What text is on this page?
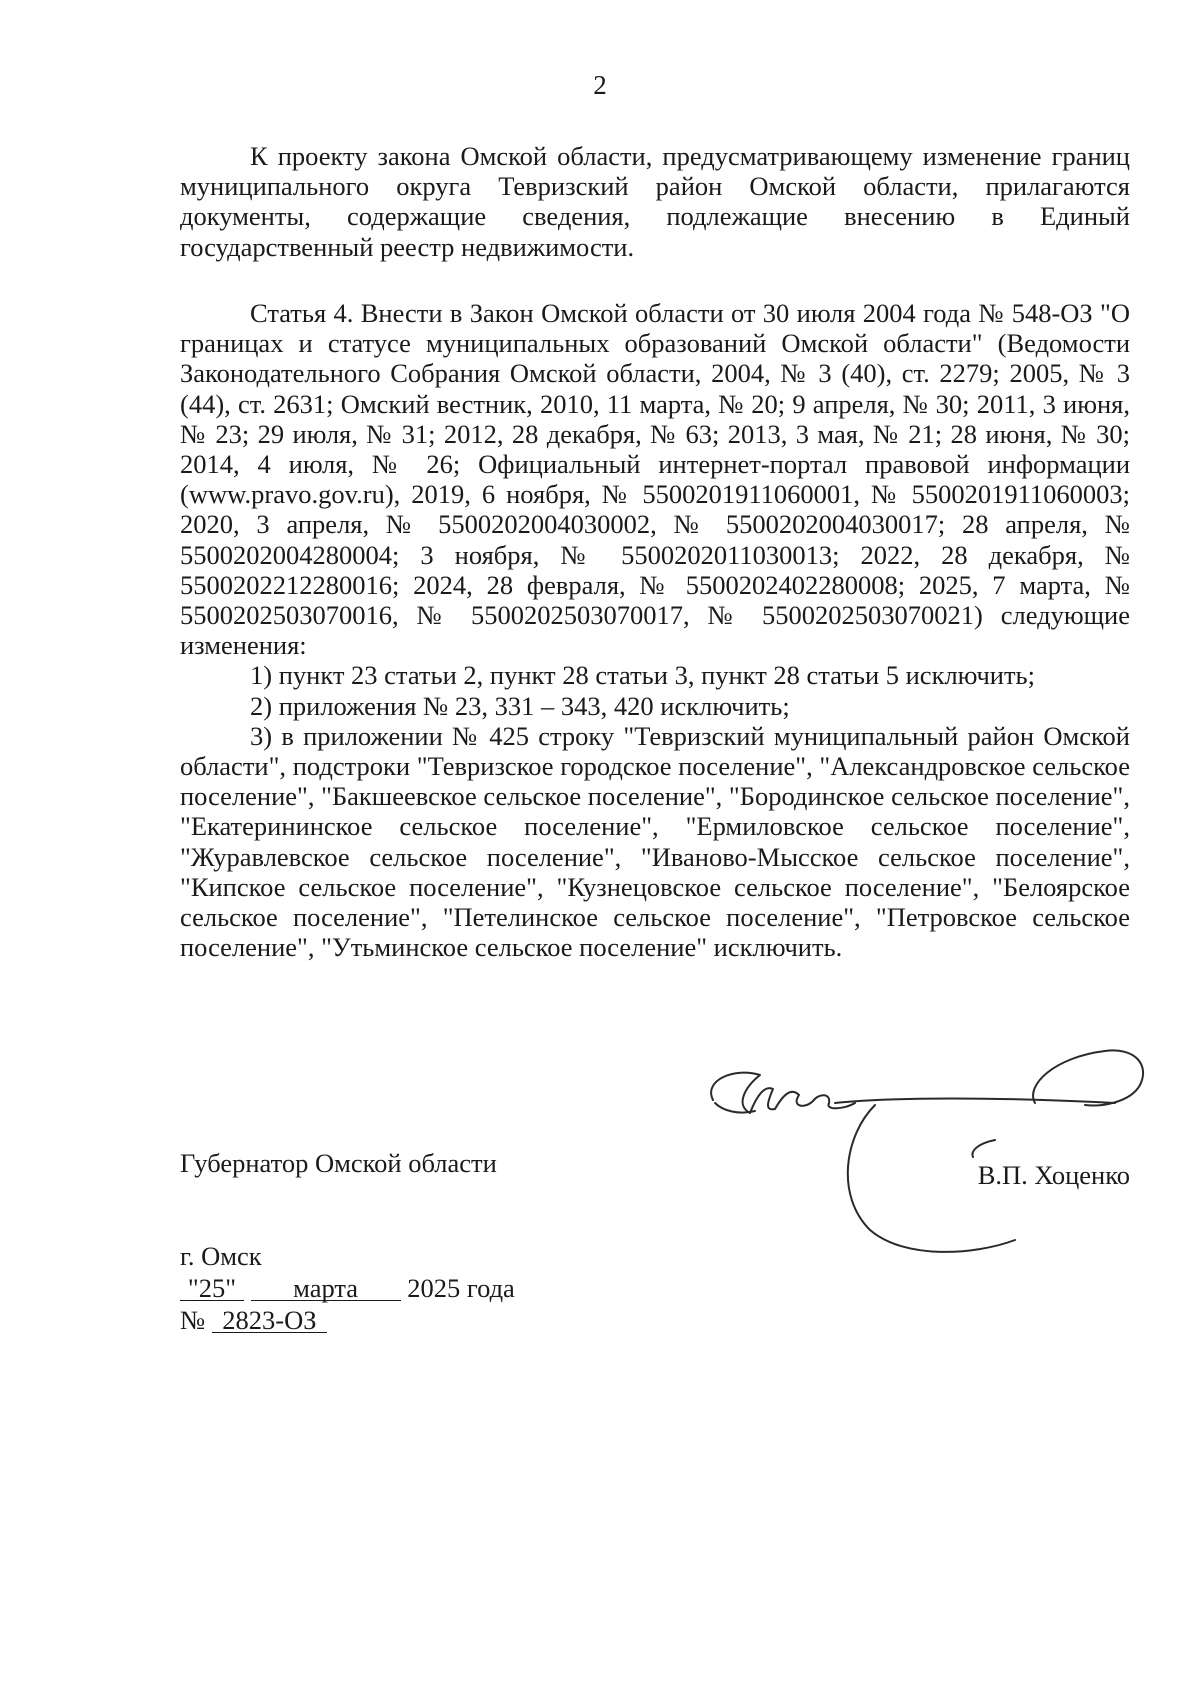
2

К проекту закона Омской области, предусматривающему изменение границ муниципального округа Тевризский район Омской области, прилагаются документы, содержащие сведения, подлежащие внесению в Единый государственный реестр недвижимости.

Статья 4. Внести в Закон Омской области от 30 июля 2004 года № 548-ОЗ "О границах и статусе муниципальных образований Омской области" (Ведомости Законодательного Собрания Омской области, 2004, № 3 (40), ст. 2279; 2005, № 3 (44), ст. 2631; Омский вестник, 2010, 11 марта, № 20; 9 апреля, № 30; 2011, 3 июня, № 23; 29 июля, № 31; 2012, 28 декабря, № 63; 2013, 3 мая, № 21; 28 июня, № 30; 2014, 4 июля, № 26; Официальный интернет-портал правовой информации (www.pravo.gov.ru), 2019, 6 ноября, № 5500201911060001, № 5500201911060003; 2020, 3 апреля, № 5500202004030002, № 5500202004030017; 28 апреля, № 5500202004280004; 3 ноября, № 5500202011030013; 2022, 28 декабря, № 5500202212280016; 2024, 28 февраля, № 5500202402280008; 2025, 7 марта, № 5500202503070016, № 5500202503070017, № 5500202503070021) следующие изменения:

1) пункт 23 статьи 2, пункт 28 статьи 3, пункт 28 статьи 5 исключить;

2) приложения № 23, 331 – 343, 420 исключить;

3) в приложении № 425 строку "Тевризский муниципальный район Омской области", подстроки "Тевризское городское поселение", "Александровское сельское поселение", "Бакшеевское сельское поселение", "Бородинское сельское поселение", "Екатерининское сельское поселение", "Ермиловское сельское поселение", "Журавлевское сельское поселение", "Иваново-Мысское сельское поселение", "Кипское сельское поселение", "Кузнецовское сельское поселение", "Белоярское сельское поселение", "Петелинское сельское поселение", "Петровское сельское поселение", "Утьминское сельское поселение" исключить.

Губернатор Омской области	В.П. Хоценко
г. Омск
"25" марта 2025 года
№ 2823-ОЗ
